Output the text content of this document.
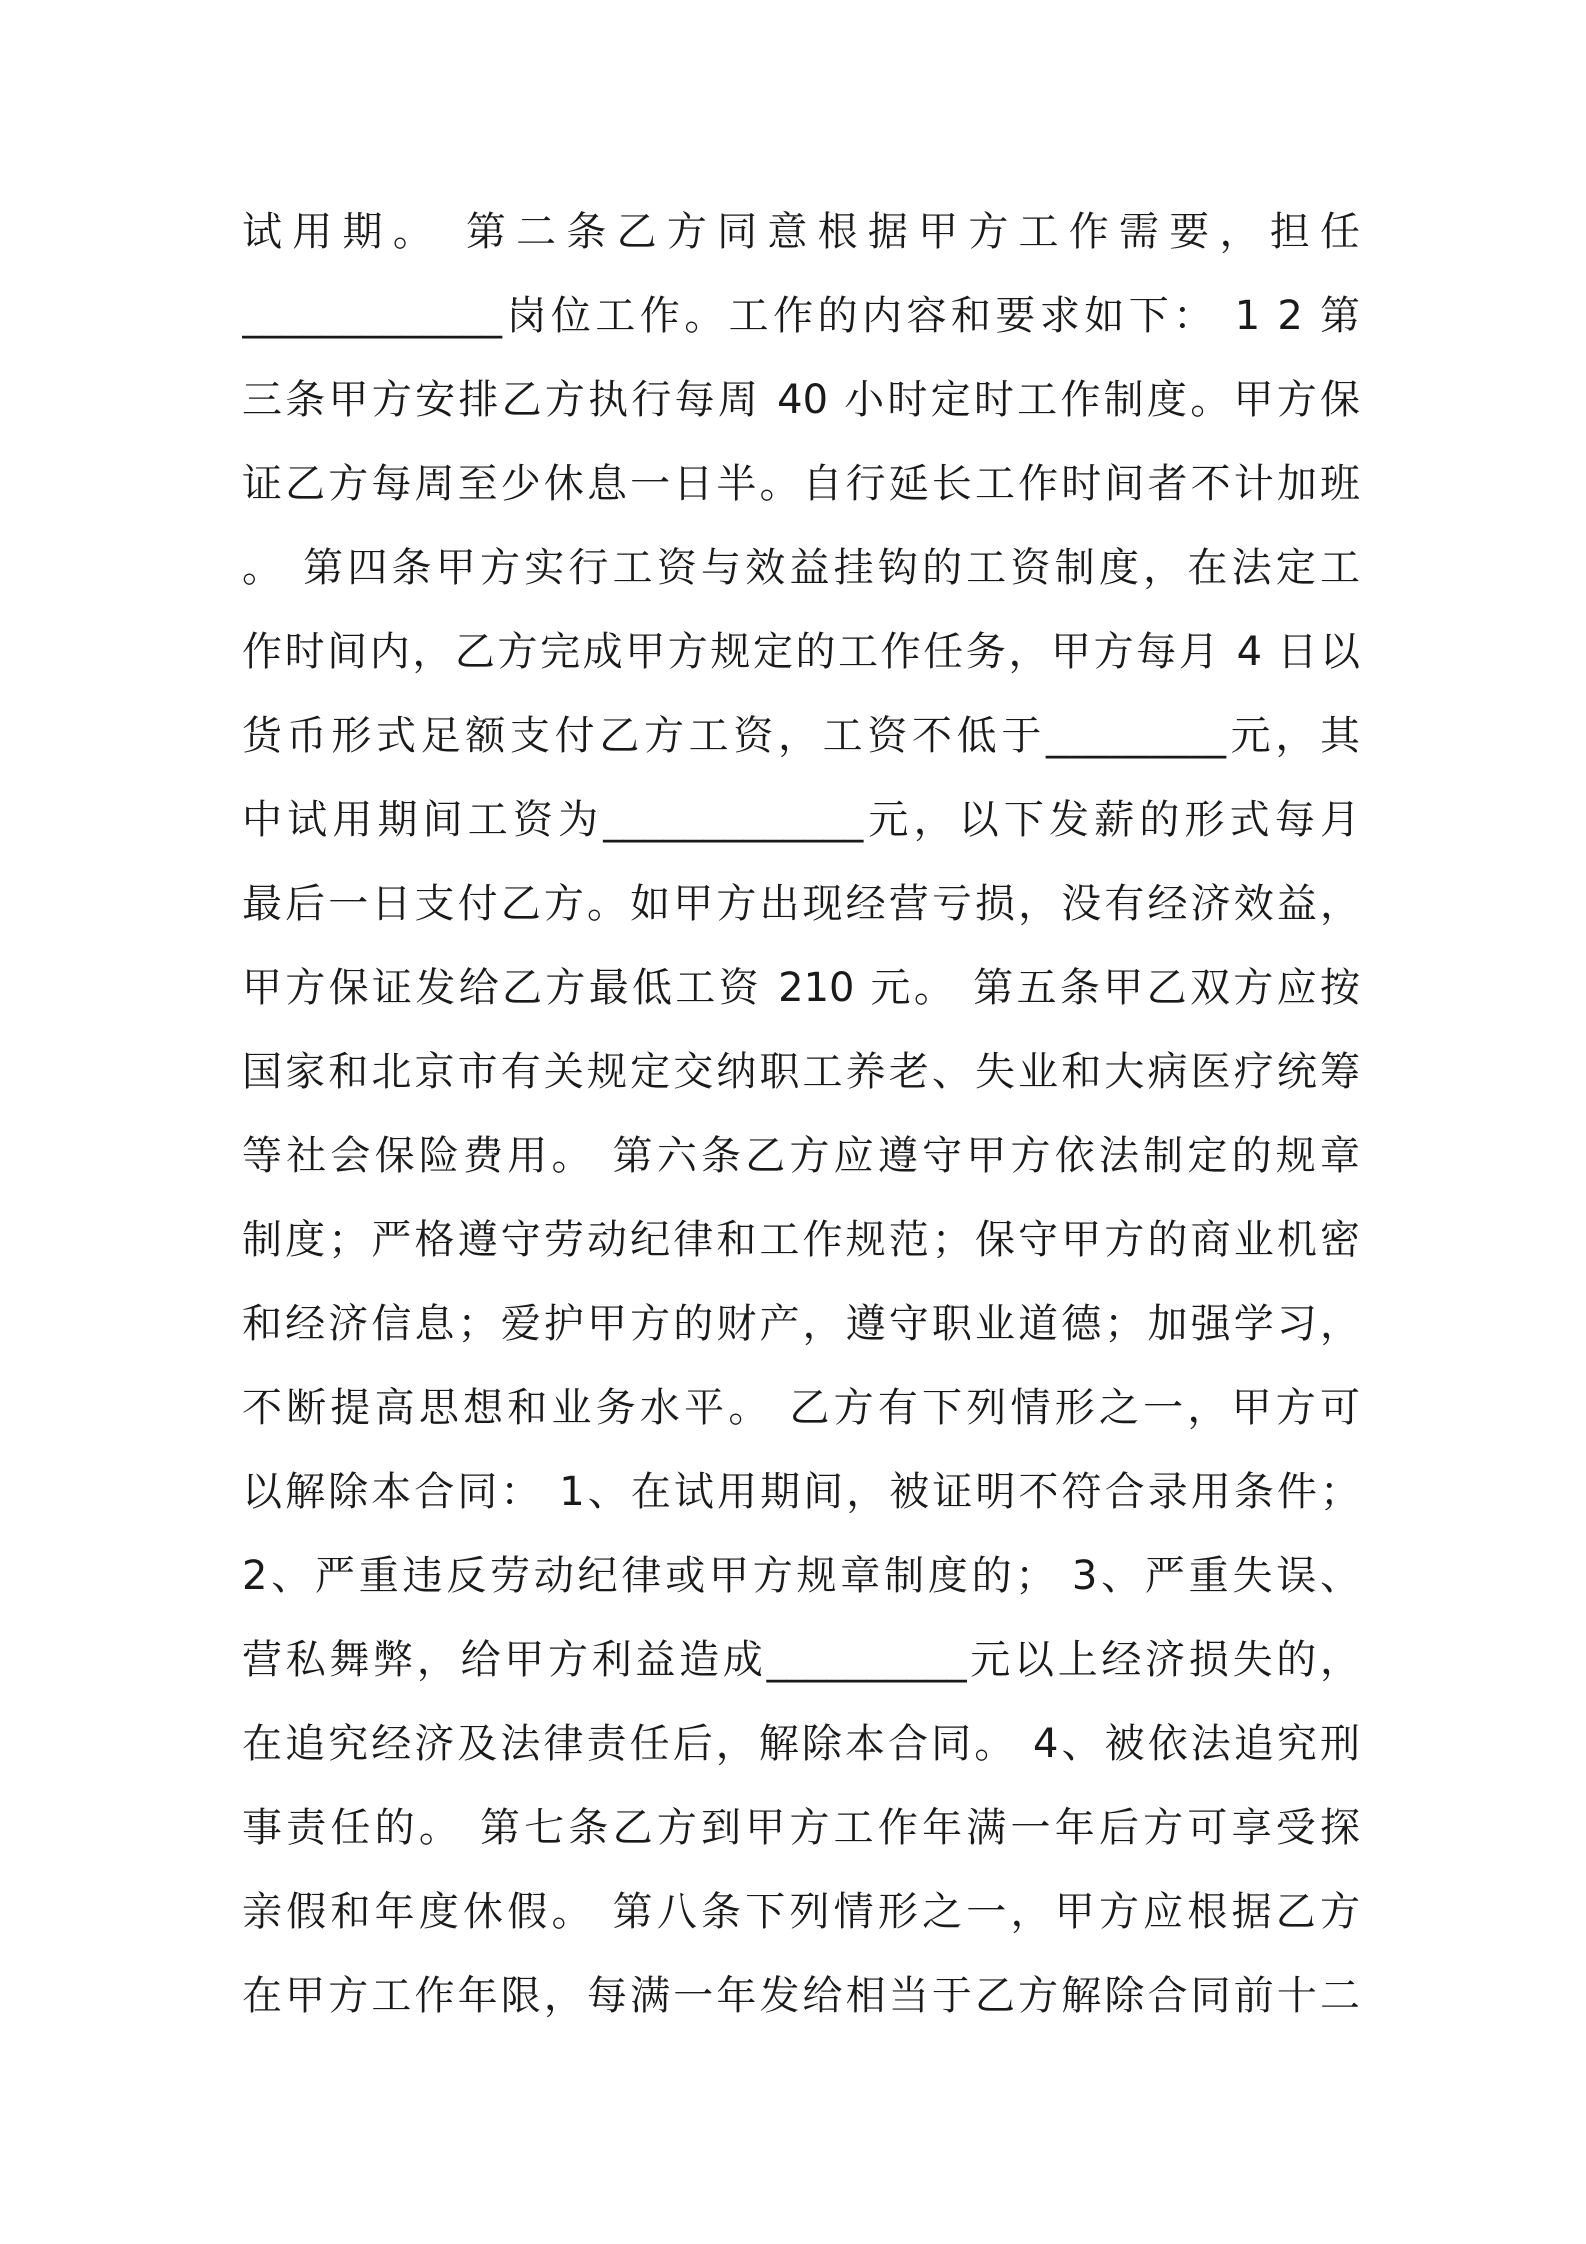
试用期。 第二条乙方同意根据甲方工作需要，担任
_____________岗位工作。工作的内容和要求如下： 1 2 第
三条甲方安排乙方执行每周 40 小时定时工作制度。甲方保
证乙方每周至少休息一日半。自行延长工作时间者不计加班
。 第四条甲方实行工资与效益挂钩的工资制度，在法定工
作时间内，乙方完成甲方规定的工作任务，甲方每月 4 日以
货币形式足额支付乙方工资，工资不低于_________元，其
中试用期间工资为_____________元，以下发薪的形式每月
最后一日支付乙方。如甲方出现经营亏损，没有经济效益，
甲方保证发给乙方最低工资 210 元。 第五条甲乙双方应按
国家和北京市有关规定交纳职工养老、失业和大病医疗统筹
等社会保险费用。 第六条乙方应遵守甲方依法制定的规章
制度；严格遵守劳动纪律和工作规范；保守甲方的商业机密
和经济信息；爱护甲方的财产，遵守职业道德；加强学习，
不断提高思想和业务水平。 乙方有下列情形之一，甲方可
以解除本合同： 1、在试用期间，被证明不符合录用条件；
2、严重违反劳动纪律或甲方规章制度的； 3、严重失误、
营私舞弊，给甲方利益造成__________元以上经济损失的，
在追究经济及法律责任后，解除本合同。 4、被依法追究刑
事责任的。 第七条乙方到甲方工作年满一年后方可享受探
亲假和年度休假。 第八条下列情形之一，甲方应根据乙方
在甲方工作年限，每满一年发给相当于乙方解除合同前十二
